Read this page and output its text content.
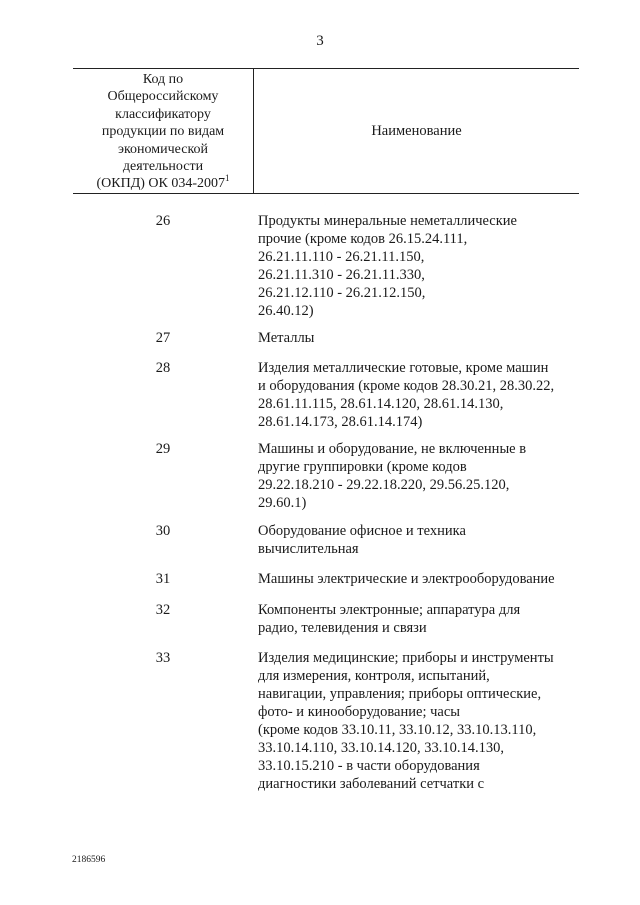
3
Код по
Общероссийскому
классификатору
продукции по видам
экономической
деятельности
(ОКПД) ОК 034-2007$^1$
Наименование
26	Продукты минеральные неметаллические
прочие (кроме кодов 26.15.24.111,
26.21.11.110 - 26.21.11.150,
26.21.11.310 - 26.21.11.330,
26.21.12.110 - 26.21.12.150,
26.40.12)
27	Металлы
28	Изделия металлические готовые, кроме машин
и оборудования (кроме кодов 28.30.21, 28.30.22,
28.61.11.115, 28.61.14.120, 28.61.14.130,
28.61.14.173, 28.61.14.174)
29	Машины и оборудование, не включенные в
другие группировки (кроме кодов
29.22.18.210 - 29.22.18.220, 29.56.25.120,
29.60.1)
30	Оборудование офисное и техника
вычислительная
31	Машины электрические и электрооборудование
32	Компоненты электронные; аппаратура для
радио, телевидения и связи
33	Изделия медицинские; приборы и инструменты
для измерения, контроля, испытаний,
навигации, управления; приборы оптические,
фото- и кинооборудование; часы
(кроме кодов 33.10.11, 33.10.12, 33.10.13.110,
33.10.14.110, 33.10.14.120, 33.10.14.130,
33.10.15.210 - в части оборудования
диагностики заболеваний сетчатки с
2186596
